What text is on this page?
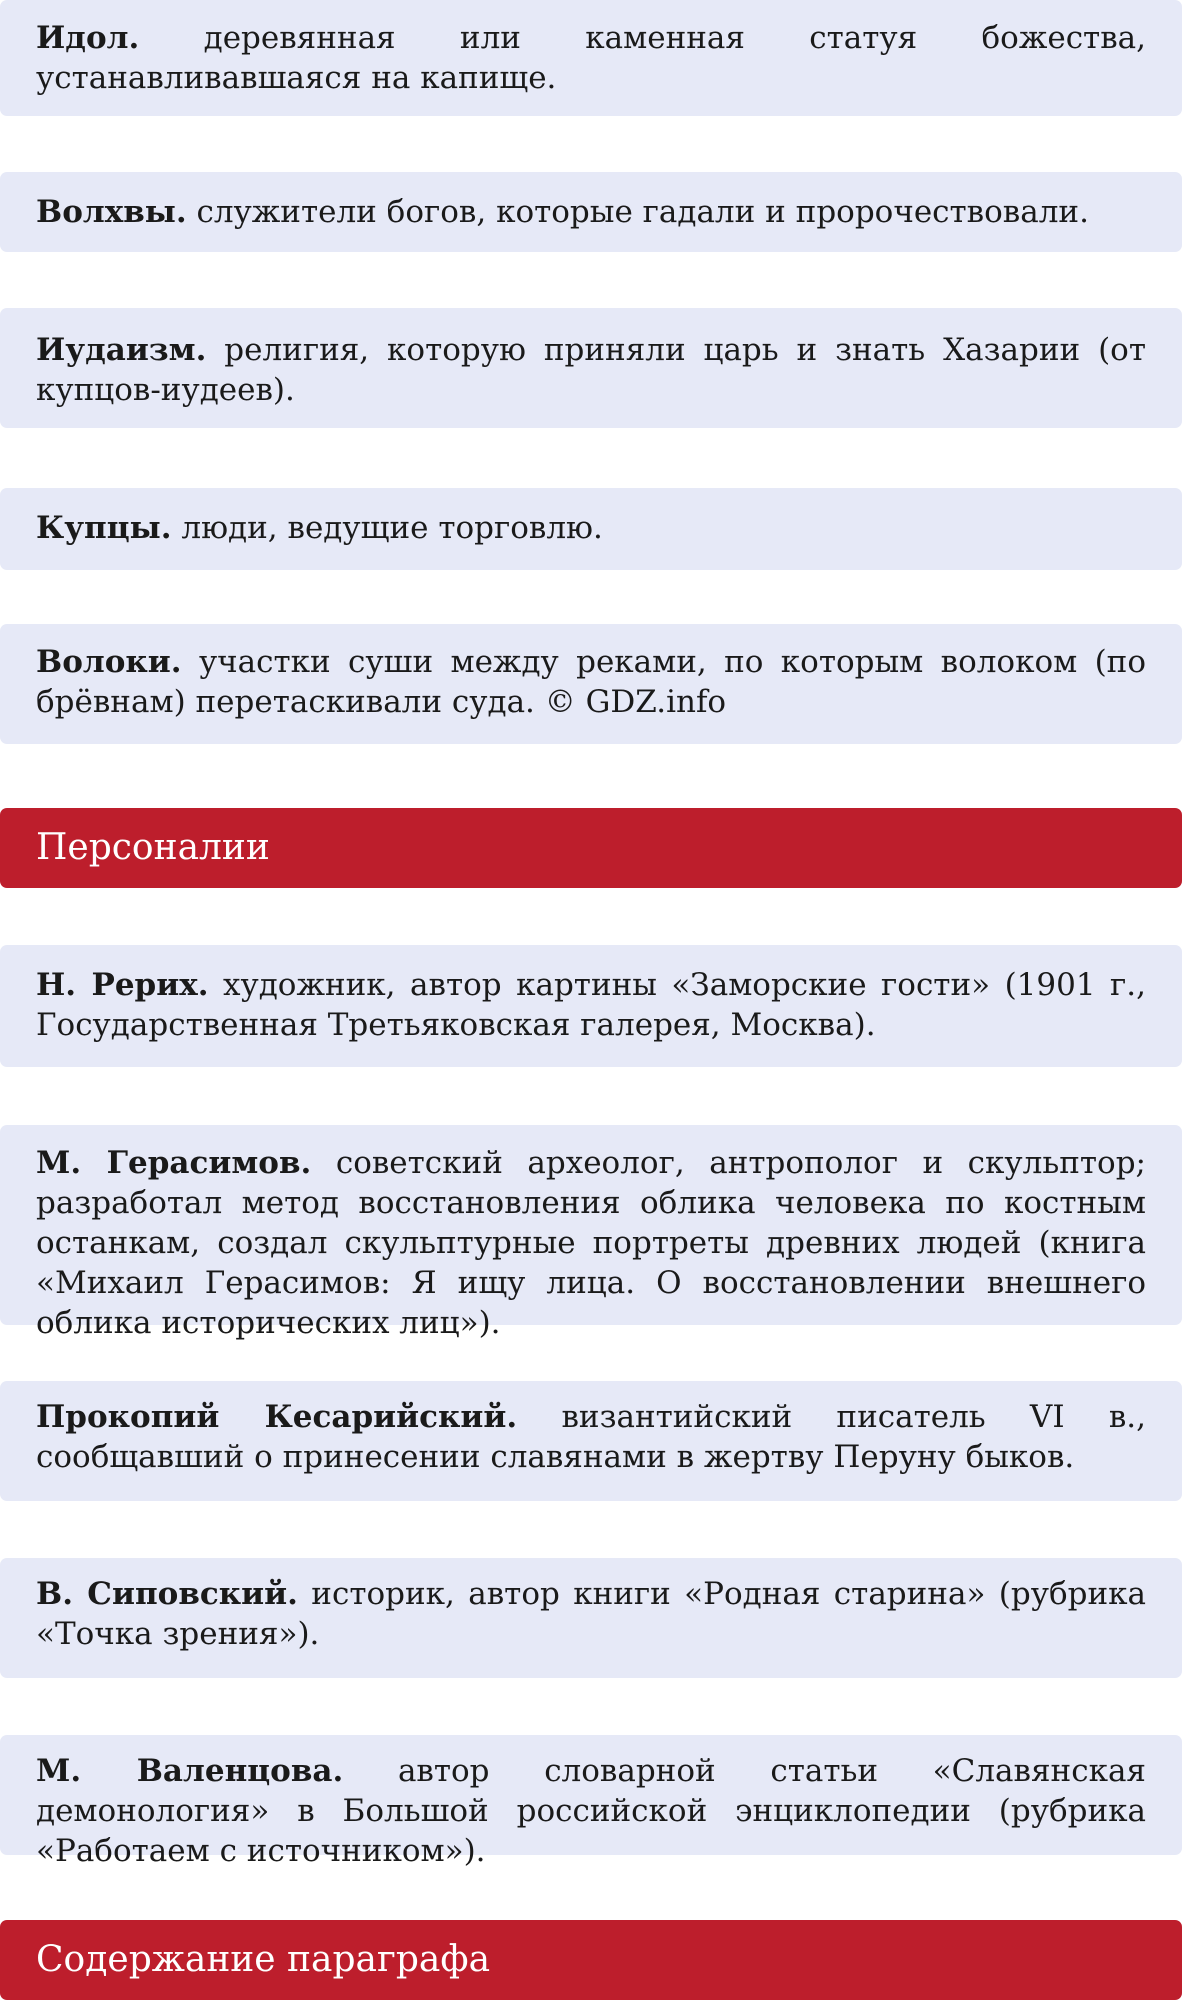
Идол. деревянная или каменная статуя божества, устанавливавшаяся на капище.
Волхвы. служители богов, которые гадали и пророчествовали.
Иудаизм. религия, которую приняли царь и знать Хазарии (от купцов-иудеев).
Купцы. люди, ведущие торговлю.
Волоки. участки суши между реками, по которым волоком (по брёвнам) перетаскивали суда. © GDZ.info
Персоналии
Н. Рерих. художник, автор картины «Заморские гости» (1901 г., Государственная Третьяковская галерея, Москва).
М. Герасимов. советский археолог, антрополог и скульптор; разработал метод восстановления облика человека по костным останкам, создал скульптурные портреты древних людей (книга «Михаил Герасимов: Я ищу лица. О восстановлении внешнего облика исторических лиц»).
Прокопий Кесарийский. византийский писатель VI в., сообщавший о принесении славянами в жертву Перуну быков.
В. Сиповский. историк, автор книги «Родная старина» (рубрика «Точка зрения»).
М. Валенцова. автор словарной статьи «Славянская демонология» в Большой российской энциклопедии (рубрика «Работаем с источником»).
Содержание параграфа
